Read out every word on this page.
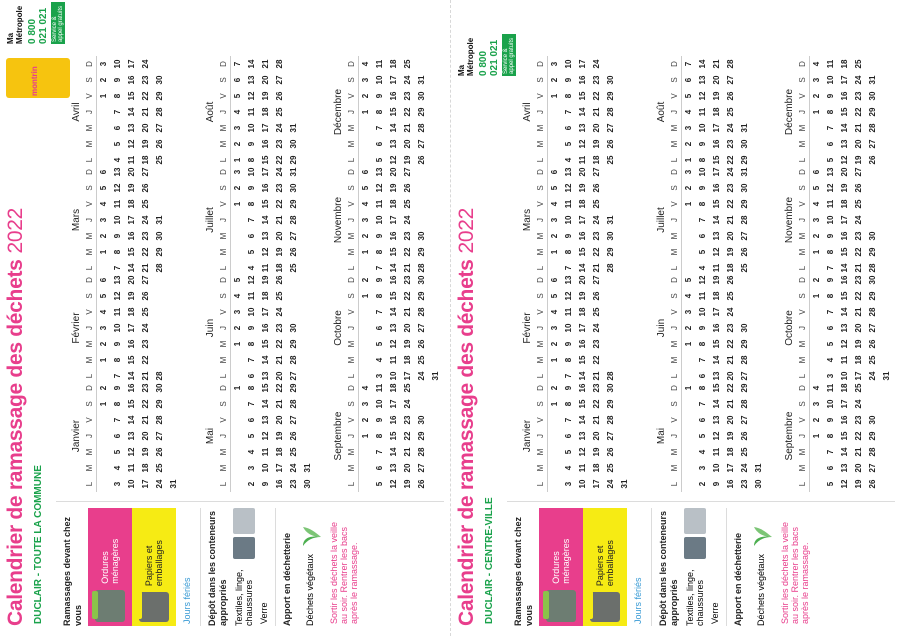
Calendrier de ramassage des déchets2022
DUCLAIR - TOUTE LA COMMUNE Ramassages devant chez vous
Ordures ménagères	Papiers et emballages
Jours fériés Dépôt dans les conteneurs appropriés Textiles, linge, chaussures Verre Apport en déchetterie Déchets végétaux Sortir les déchets la veille au soir. Rentrer les bacs après le ramassage.
montrin
Ma Métropole 0 800 021 021 Service & appel gratuits
Janvier
L
M
M
J
V
S
D
1
2
3
4
5
6
7
8
9
10
11
12
13
14
15
16
17
18
19
20
21
22
23
24
25
26
27
28
29
30
31
Février
L
M
M
J
V
S
D
1
2
3
4
5
6
7
8
9
10
11
12
13
14
15
16
17
18
19
20
21
22
23
24
25
26
27
28
Mars
L
M
M
J
V
S
D
1
2
3
4
5
6
7
8
9
10
11
12
13
14
15
16
17
18
19
20
21
22
23
24
25
26
27
28
29
30
31
Avril
L
M
M
J
V
S
D
1
2
3
4
5
6
7
8
9
10
11
12
13
14
15
16
17
18
19
20
21
22
23
24
25
26
27
28
29
30
Mai
L
M
M
J
V
S
D 1
2
3
4
5
6
7
8
9
10
11
12
13
14
15
16
17
18
19
20
21
22
23
24
25
26
27
28
29
30
31
Juin
L
M
M
J
V
S
D
1
2
3
4
5
6
7
8
9
10
11
12
13
14
15
16
17
18
19
20
21
22
23
24
25
26
27
28
29
30
Juillet
L
M
M
J
V
S
D
1
2
3
4
5
6
7
8
9
10
11
12
13
14
15
16
17
18
19
20
21
22
23
24
25
26
27
28
29
30
31
Août
L
M
M
J
V
S
D
1
2
3
4
5
6
7
8
9
10
11
12
13
14
15
16
17
18
19
20
21
22
23
24
25
26
27
28
29
30
31
Septembre
L
M
M
J
V
S
D
1
2
3
4
5
6
7
8
9
10
11
12
13
14
15
16
17
18
19
20
21
22
23
24
25
26
27
28
29
30
Octobre
L
M
M
J
V
S
D
1
2
3
4
5
6
7
8
9
10
11
12
13
14
15
16
17
18
19
20
21
22
23
24
25
26
27
28
29
30
31
Novembre
L
M
M
J
V
S
D
1
2
3
4
5
6
7
8
9
10
11
12
13
14
15
16
17
18
19
20
21
22
23
24
25
26
27
28
29
30
Décembre
L
M
M
J
V
S
D
1
2
3
4
5
6
7
8
9
10
11
12
13
14
15
16
17
18
19
20
21
22
23
24
25
26
27
28
29
30
31
Calendrier de ramassage des déchets2022
DUCLAIR - CENTRE-VILLE Ramassages devant chez vous
Ordures ménagères	Papiers et emballages
Jours fériés Dépôt dans les conteneurs appropriés Textiles, linge, chaussures Verre Apport en déchetterie Déchets végétaux Sortir les déchets la veille au soir. Rentrer les bacs après le ramassage.
Ma Métropole 0 800 021 021 Service & appel gratuits
Janvier
L
M
M
J
V
S
D
1
2
3
4
5
6
7
8
9
10
11
12
13
14
15
16
17
18
19
20
21
22
23
24
25
26
27
28
29
30
31
Février
L
M
M
J
V
S
D
1
2
3
4
5
6
7
8
9
10
11
12
13
14
15
16
17
18
19
20
21
22
23
24
25
26
27
28
Mars
L
M
M
J
V
S
D
1
2
3
4
5
6
7
8
9
10
11
12
13
14
15
16
17
18
19
20
21
22
23
24
25
26
27
28
29
30
31
Avril
L
M
M
J
V
S
D
1
2
3
4
5
6
7
8
9
10
11
12
13
14
15
16
17
18
19
20
21
22
23
24
25
26
27
28
29
30
Mai
L
M
M
J
V
S
D 1
2
3
4
5
6
7
8
9
10
11
12
13
14
15
16
17
18
19
20
21
22
23
24
25
26
27
28
29
30
31
Juin
L
M
M
J
V
S
D
1
2
3
4
5
6
7
8
9
10
11
12
13
14
15
16
17
18
19
20
21
22
23
24
25
26
27
28
29
30
Juillet
L
M
M
J
V
S
D
1
2
3
4
5
6
7
8
9
10
11
12
13
14
15
16
17
18
19
20
21
22
23
24
25
26
27
28
29
30
31
Août
L
M
M
J
V
S
D
1
2
3
4
5
6
7
8
9
10
11
12
13
14
15
16
17
18
19
20
21
22
23
24
25
26
27
28
29
30
31
Septembre
L
M
M
J
V
S
D
1
2
3
4
5
6
7
8
9
10
11
12
13
14
15
16
17
18
19
20
21
22
23
24
25
26
27
28
29
30
Octobre
L
M
M
J
V
S
D
1
2
3
4
5
6
7
8
9
10
11
12
13
14
15
16
17
18
19
20
21
22
23
24
25
26
27
28
29
30
31
Novembre
L
M
M
J
V
S
D
1
2
3
4
5
6
7
8
9
10
11
12
13
14
15
16
17
18
19
20
21
22
23
24
25
26
27
28
29
30
Décembre
L
M
M
J
V
S
D
1
2
3
4
5
6
7
8
9
10
11
12
13
14
15
16
17
18
19
20
21
22
23
24
25
26
27
28
29
30
31
